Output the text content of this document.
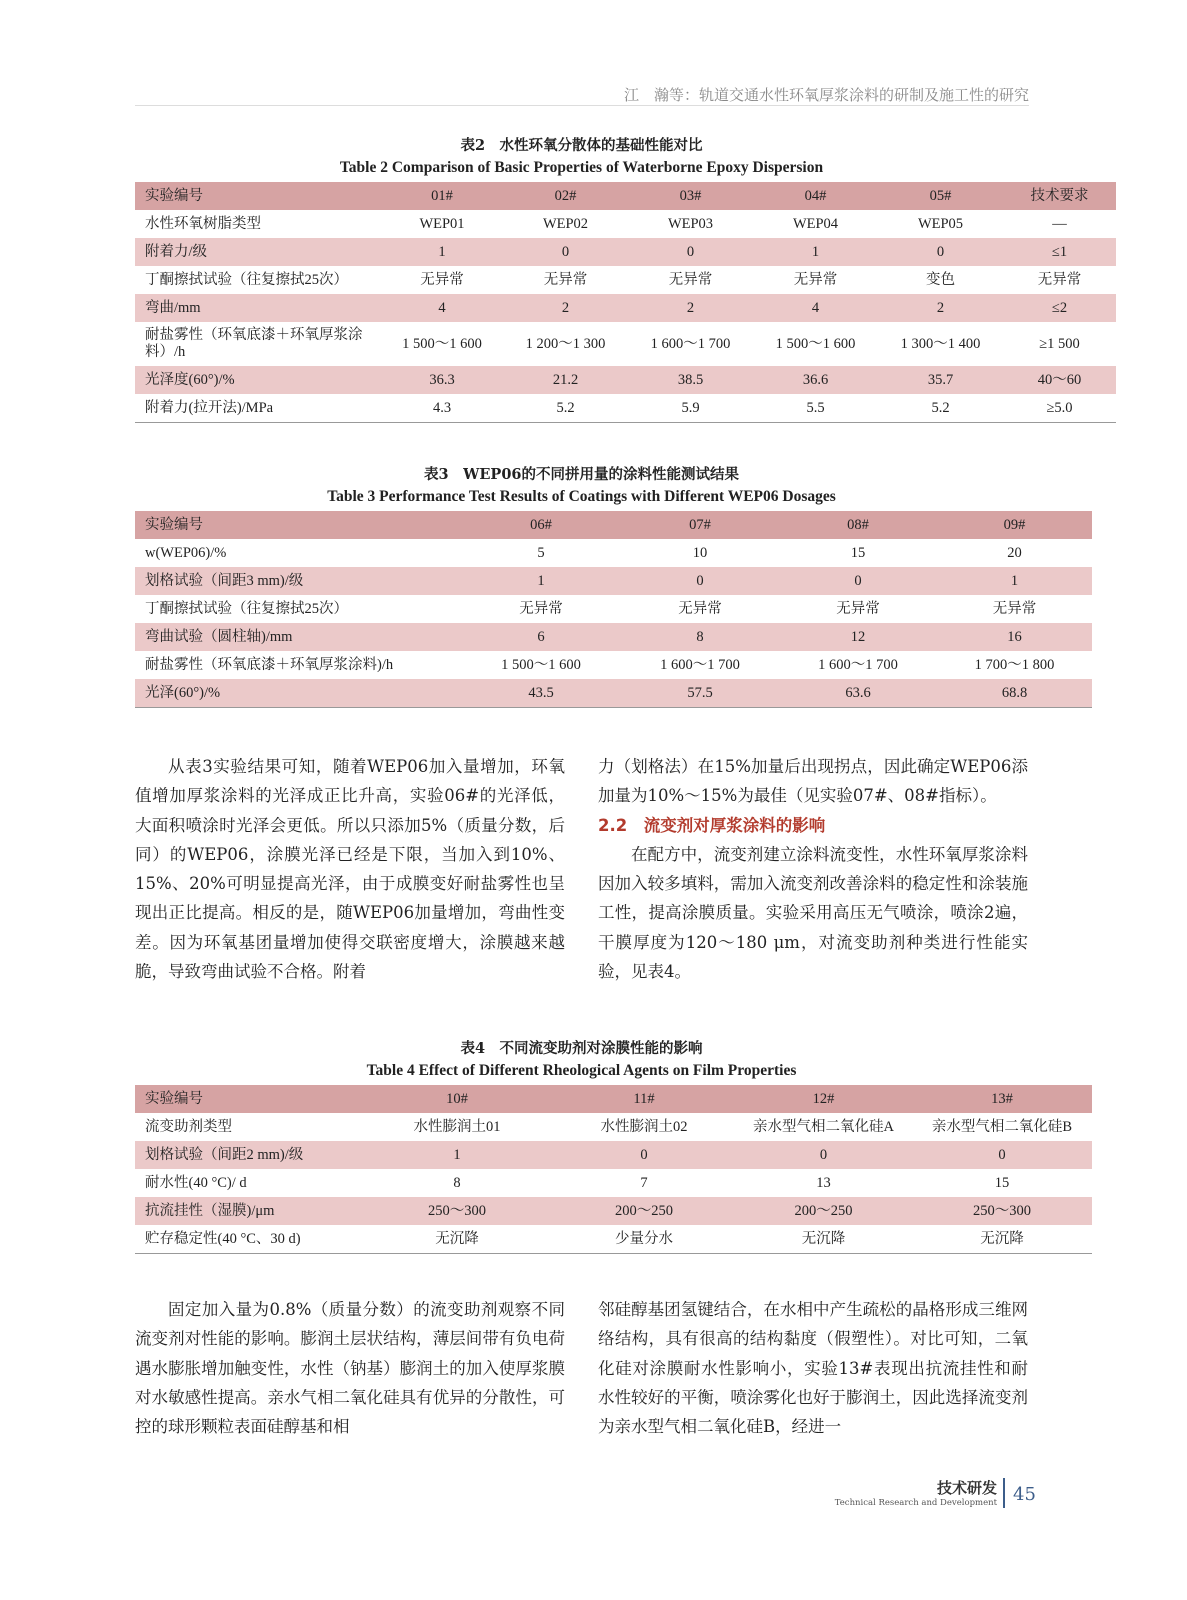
江　瀚等：轨道交通水性环氧厚浆涂料的研制及施工性的研究
表2　水性环氧分散体的基础性能对比
Table 2 Comparison of Basic Properties of Waterborne Epoxy Dispersion
实验编号	01#	02#	03#	04#	05#	技术要求
水性环氧树脂类型	WEP01	WEP02	WEP03	WEP04	WEP05	—
附着力/级	1	0	0	1	0	≤1
丁酮擦拭试验（往复擦拭25次）	无异常	无异常	无异常	无异常	变色	无异常
弯曲/mm	4	2	2	4	2	≤2
耐盐雾性（环氧底漆＋环氧厚浆涂料）/h	1 500～1 600	1 200～1 300	1 600～1 700	1 500～1 600	1 300～1 400	≥1 500
光泽度(60°)/%	36.3	21.2	38.5	36.6	35.7	40～60
附着力(拉开法)/MPa	4.3	5.2	5.9	5.5	5.2	≥5.0
表3　WEP06的不同拼用量的涂料性能测试结果
Table 3 Performance Test Results of Coatings with Different WEP06 Dosages
实验编号	06#	07#	08#	09#
w(WEP06)/%	5	10	15	20
划格试验（间距3 mm)/级	1	0	0	1
丁酮擦拭试验（往复擦拭25次）	无异常	无异常	无异常	无异常
弯曲试验（圆柱轴)/mm	6	8	12	16
耐盐雾性（环氧底漆＋环氧厚浆涂料)/h	1 500～1 600	1 600～1 700	1 600～1 700	1 700～1 800
光泽(60°)/%	43.5	57.5	63.6	68.8

从表3实验结果可知，随着WEP06加入量增加，环氧值增加厚浆涂料的光泽成正比升高，实验06#的光泽低，大面积喷涂时光泽会更低。所以只添加5%（质量分数，后同）的WEP06，涂膜光泽已经是下限，当加入到10%、15%、20%可明显提高光泽，由于成膜变好耐盐雾性也呈现出正比提高。相反的是，随WEP06加量增加，弯曲性变差。因为环氧基团量增加使得交联密度增大，涂膜越来越脆，导致弯曲试验不合格。附着

力（划格法）在15%加量后出现拐点，因此确定WEP06添加量为10%～15%为最佳（见实验07#、08#指标）。

2.2　流变剂对厚浆涂料的影响

在配方中，流变剂建立涂料流变性，水性环氧厚浆涂料因加入较多填料，需加入流变剂改善涂料的稳定性和涂装施工性，提高涂膜质量。实验采用高压无气喷涂，喷涂2遍，干膜厚度为120～180 μm，对流变助剂种类进行性能实验，见表4。

表4　不同流变助剂对涂膜性能的影响
Table 4 Effect of Different Rheological Agents on Film Properties
实验编号	10#	11#	12#	13#
流变助剂类型	水性膨润土01	水性膨润土02	亲水型气相二氧化硅A	亲水型气相二氧化硅B
划格试验（间距2 mm)/级	1	0	0	0
耐水性(40 °C)/ d	8	7	13	15
抗流挂性（湿膜)/μm	250～300	200～250	200～250	250～300
贮存稳定性(40 °C、30 d)	无沉降	少量分水	无沉降	无沉降

固定加入量为0.8%（质量分数）的流变助剂观察不同流变剂对性能的影响。膨润土层状结构，薄层间带有负电荷遇水膨胀增加触变性，水性（钠基）膨润土的加入使厚浆膜对水敏感性提高。亲水气相二氧化硅具有优异的分散性，可控的球形颗粒表面硅醇基和相

邻硅醇基团氢键结合，在水相中产生疏松的晶格形成三维网络结构，具有很高的结构黏度（假塑性）。对比可知，二氧化硅对涂膜耐水性影响小，实验13#表现出抗流挂性和耐水性较好的平衡，喷涂雾化也好于膨润土，因此选择流变剂为亲水型气相二氧化硅B，经进一

技术研发
Technical Research and Development 45
